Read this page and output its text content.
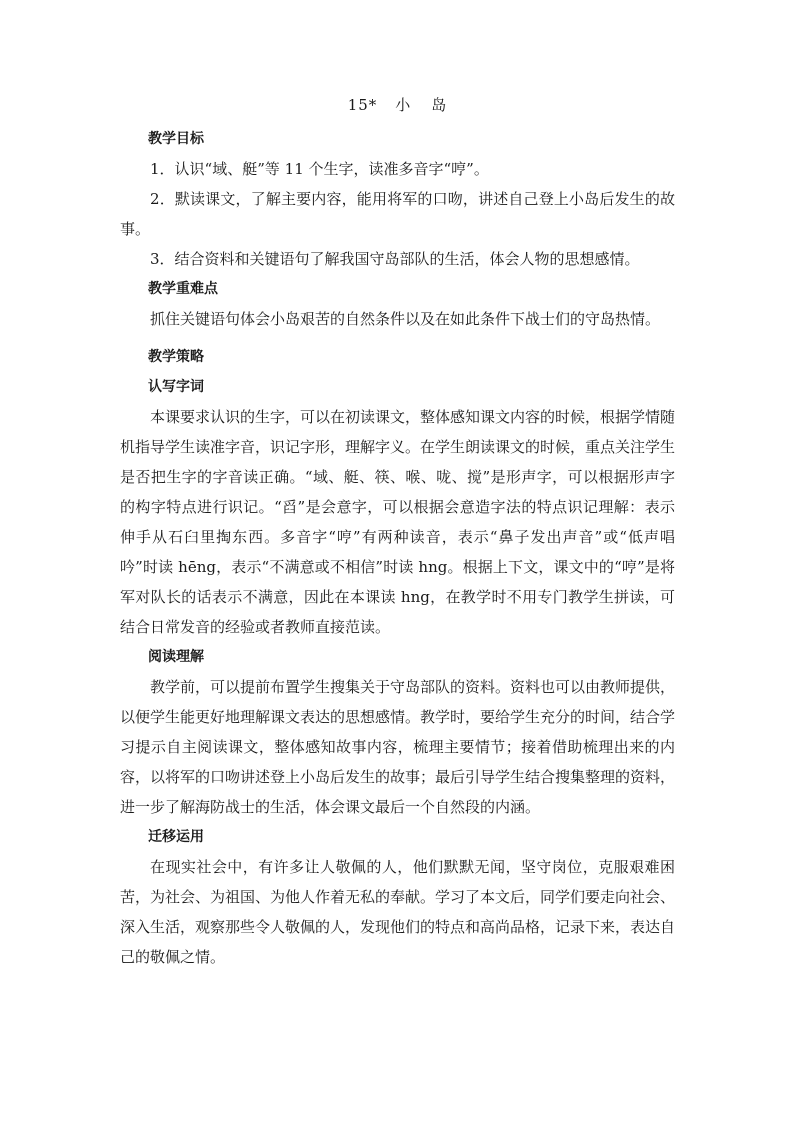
15* 小 岛
教学目标

1．认识“域、艇”等 11 个生字，读准多音字“哼”。

2．默读课文，了解主要内容，能用将军的口吻，讲述自己登上小岛后发生的故事。

3．结合资料和关键语句了解我国守岛部队的生活，体会人物的思想感情。

教学重难点

抓住关键语句体会小岛艰苦的自然条件以及在如此条件下战士们的守岛热情。

教学策略
认写字词

本课要求认识的生字，可以在初读课文，整体感知课文内容的时候，根据学情随机指导学生读准字音，识记字形，理解字义。在学生朗读课文的时候，重点关注学生是否把生字的字音读正确。“域、艇、筷、喉、咙、搅”是形声字，可以根据形声字的构字特点进行识记。“舀”是会意字，可以根据会意造字法的特点识记理解：表示伸手从石臼里掏东西。多音字“哼”有两种读音，表示“鼻子发出声音”或“低声唱吟”时读 hēng，表示“不满意或不相信”时读 hng。根据上下文，课文中的“哼”是将军对队长的话表示不满意，因此在本课读 hng，在教学时不用专门教学生拼读，可结合日常发音的经验或者教师直接范读。

阅读理解

教学前，可以提前布置学生搜集关于守岛部队的资料。资料也可以由教师提供，以便学生能更好地理解课文表达的思想感情。教学时，要给学生充分的时间，结合学习提示自主阅读课文，整体感知故事内容，梳理主要情节；接着借助梳理出来的内容，以将军的口吻讲述登上小岛后发生的故事；最后引导学生结合搜集整理的资料，进一步了解海防战士的生活，体会课文最后一个自然段的内涵。

迁移运用

在现实社会中，有许多让人敬佩的人，他们默默无闻，坚守岗位，克服艰难困苦，为社会、为祖国、为他人作着无私的奉献。学习了本文后，同学们要走向社会、深入生活，观察那些令人敬佩的人，发现他们的特点和高尚品格，记录下来，表达自己的敬佩之情。
